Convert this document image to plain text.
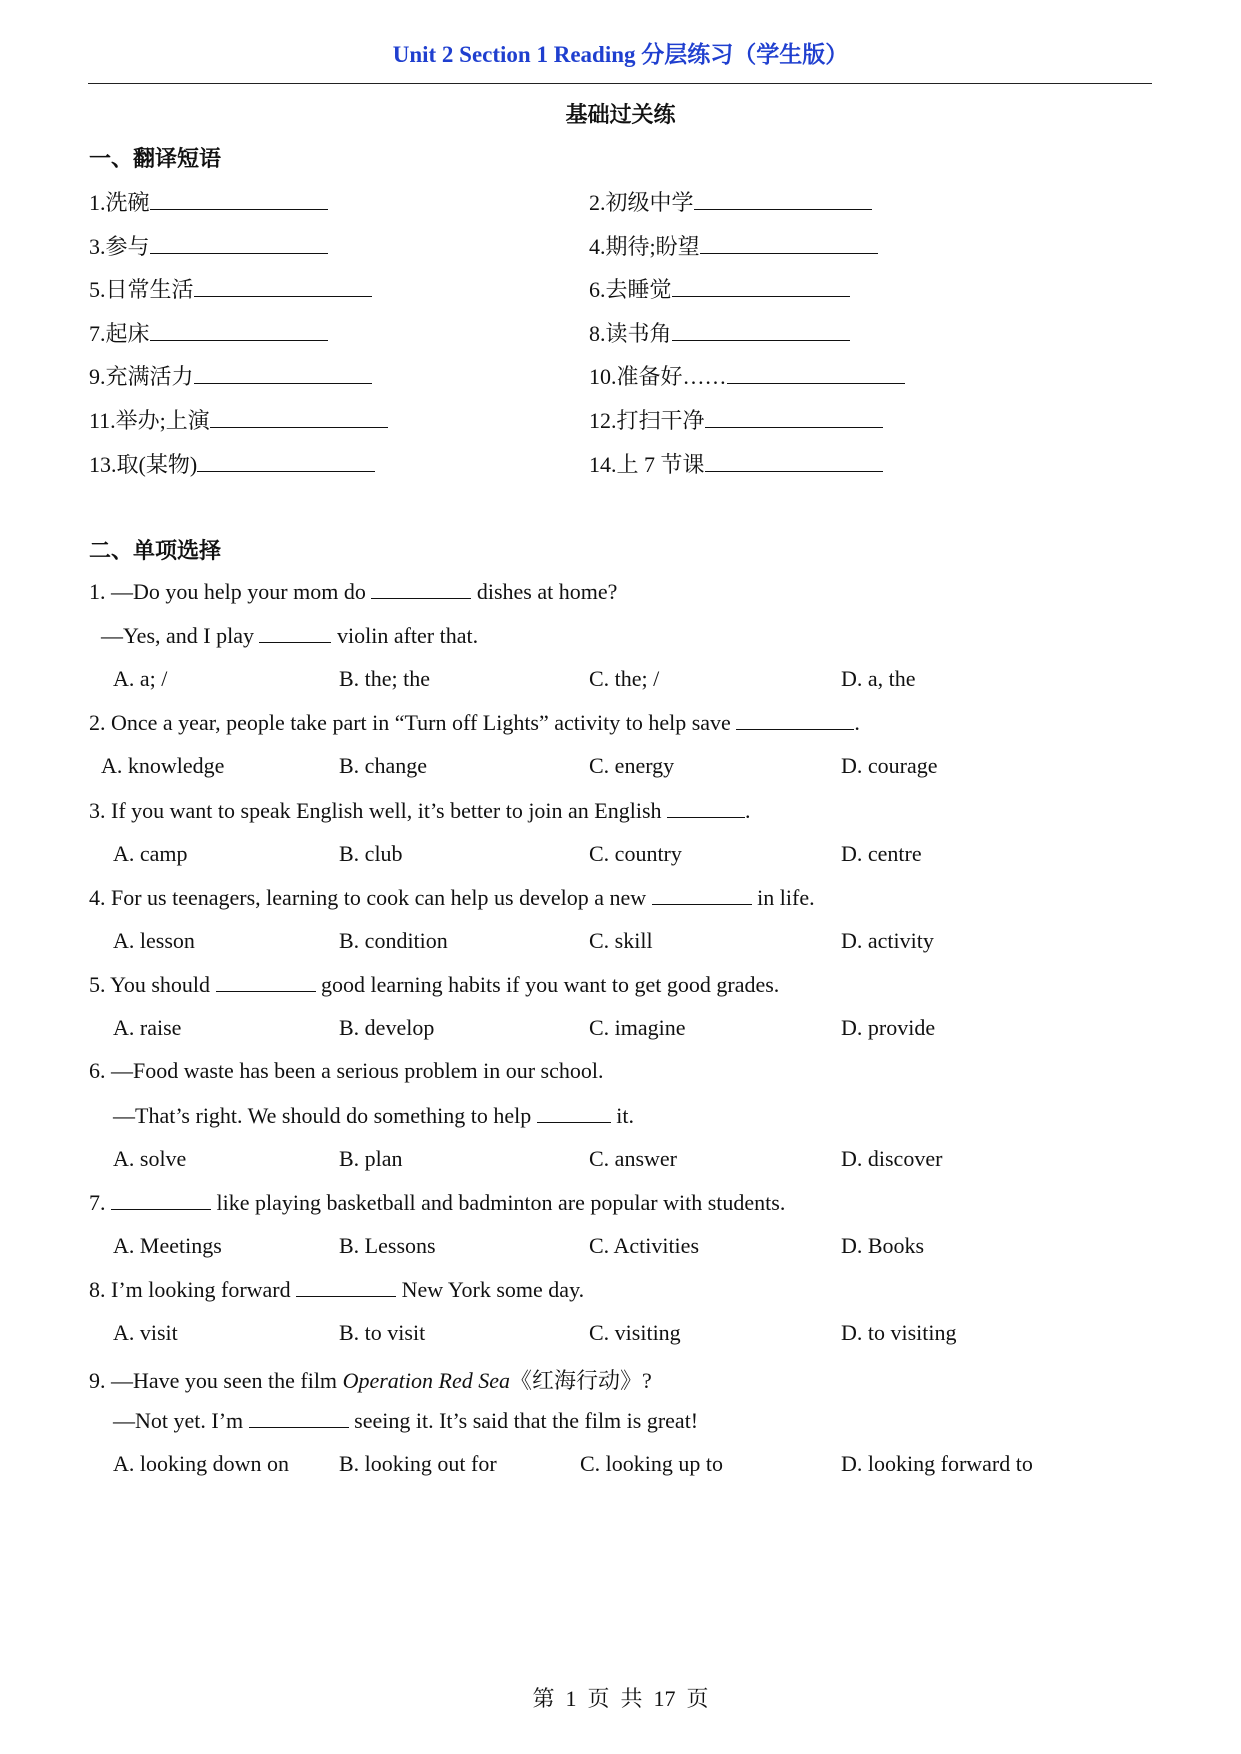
Unit 2 Section 1 Reading 分层练习（学生版）
基础过关练
一、翻译短语
1.洗碗	2.初级中学
3.参与	4.期待;盼望
5.日常生活	6.去睡觉
7.起床	8.读书角
9.充满活力	10.准备好……
11.举办;上演	12.打扫干净
13.取(某物)	14.上 7 节课
二、单项选择
1. —Do you help your mom do	dishes at home?
—Yes, and I play	violin after that.
A. a; /	B. the; the	C. the; /	D. a, the
2. Once a year, people take part in “Turn off Lights” activity to help save	.
A. knowledge	B. change	C. energy	D. courage
3. If you want to speak English well, it’s better to join an English	.
A. camp	B. club	C. country	D. centre
4. For us teenagers, learning to cook can help us develop a new	in life.
A. lesson	B. condition	C. skill	D. activity
5. You should	good learning habits if you want to get good grades.
A. raise	B. develop	C. imagine	D. provide
6. —Food waste has been a serious problem in our school.
—That’s right. We should do something to help	it.
A. solve	B. plan	C. answer	D. discover
7.	like playing basketball and badminton are popular with students.
A. Meetings	B. Lessons	C. Activities	D. Books
8. I’m looking forward	New York some day.
A. visit	B. to visit	C. visiting	D. to visiting
9. —Have you seen the film Operation Red Sea《红海行动》?
—Not yet. I’m	seeing it. It’s said that the film is great!
A. looking down on B. looking out for	C. looking up to	D. looking forward to
第  1  页  共  17  页
